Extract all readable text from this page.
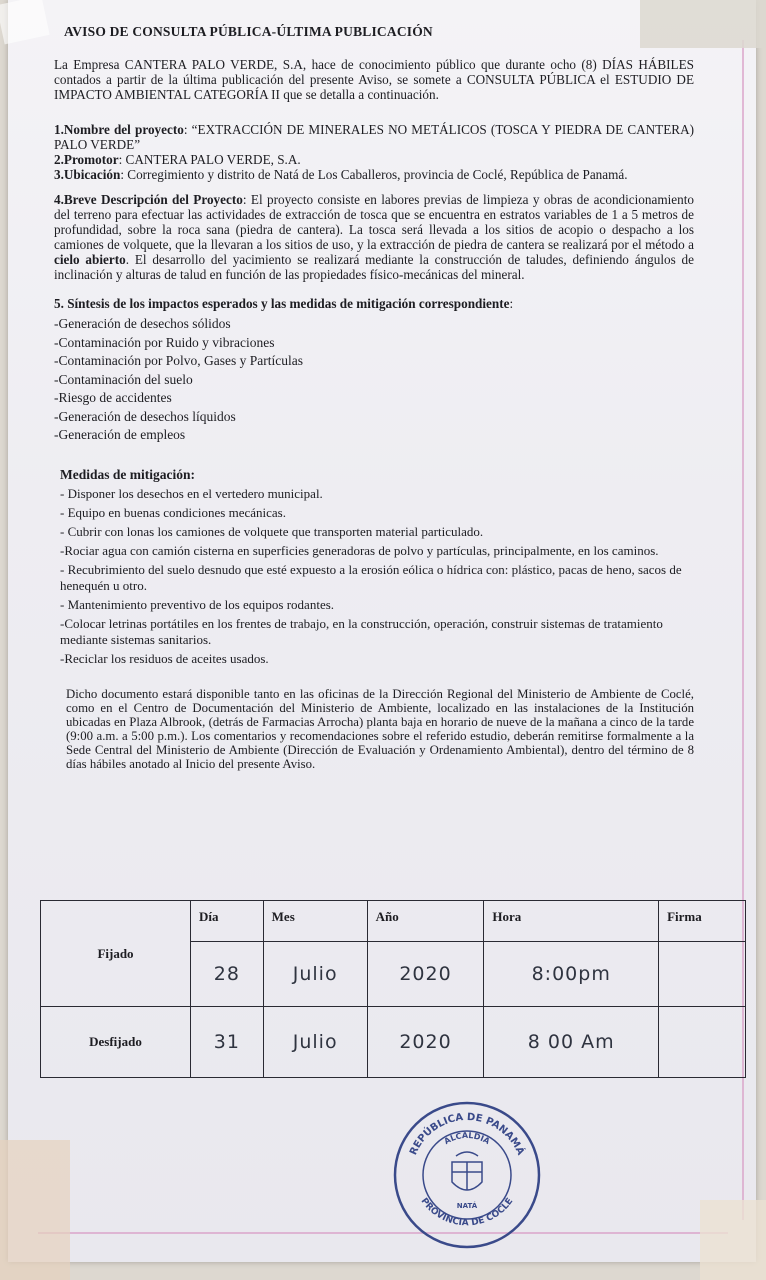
AVISO DE CONSULTA PÚBLICA-ÚLTIMA PUBLICACIÓN

La Empresa CANTERA PALO VERDE, S.A, hace de conocimiento público que durante ocho (8) DÍAS HÁBILES contados a partir de la última publicación del presente Aviso, se somete a CONSULTA PÚBLICA el ESTUDIO DE IMPACTO AMBIENTAL CATEGORÍA II que se detalla a continuación.

1.Nombre del proyecto: “EXTRACCIÓN DE MINERALES NO METÁLICOS (TOSCA Y PIEDRA DE CANTERA) PALO VERDE”

2.Promotor: CANTERA PALO VERDE, S.A.

3.Ubicación: Corregimiento y distrito de Natá de Los Caballeros, provincia de Coclé, República de Panamá.

4.Breve Descripción del Proyecto: El proyecto consiste en labores previas de limpieza y obras de acondicionamiento del terreno para efectuar las actividades de extracción de tosca que se encuentra en estratos variables de 1 a 5 metros de profundidad, sobre la roca sana (piedra de cantera). La tosca será llevada a los sitios de acopio o despacho a los camiones de volquete, que la llevaran a los sitios de uso, y la extracción de piedra de cantera se realizará por el método a cielo abierto. El desarrollo del yacimiento se realizará mediante la construcción de taludes, definiendo ángulos de inclinación y alturas de talud en función de las propiedades físico-mecánicas del mineral.

5. Síntesis de los impactos esperados y las medidas de mitigación correspondiente:
-Generación de desechos sólidos
-Contaminación por Ruido y vibraciones
-Contaminación por Polvo, Gases y Partículas
-Contaminación del suelo
-Riesgo de accidentes
-Generación de desechos líquidos
-Generación de empleos
Medidas de mitigación:
- Disponer los desechos en el vertedero municipal.
- Equipo en buenas condiciones mecánicas.
- Cubrir con lonas los camiones de volquete que transporten material particulado.
-Rociar agua con camión cisterna en superficies generadoras de polvo y partículas, principalmente, en los caminos.
- Recubrimiento del suelo desnudo que esté expuesto a la erosión eólica o hídrica con: plástico, pacas de heno, sacos de henequén u otro.
- Mantenimiento preventivo de los equipos rodantes.
-Colocar letrinas portátiles en los frentes de trabajo, en la construcción, operación, construir sistemas de tratamiento mediante sistemas sanitarios.
-Reciclar los residuos de aceites usados.

Dicho documento estará disponible tanto en las oficinas de la Dirección Regional del Ministerio de Ambiente de Coclé, como en el Centro de Documentación del Ministerio de Ambiente, localizado en las instalaciones de la Institución ubicadas en Plaza Albrook, (detrás de Farmacias Arrocha) planta baja en horario de nueve de la mañana a cinco de la tarde (9:00 a.m. a 5:00 p.m.). Los comentarios y recomendaciones sobre el referido estudio, deberán remitirse formalmente a la Sede Central del Ministerio de Ambiente (Dirección de Evaluación y Ordenamiento Ambiental), dentro del término de 8 días hábiles anotado al Inicio del presente Aviso.

Fijado	Día	Mes	Año	Hora	Firma
	28	Julio	2020	8:00pm	
Desfijado	31	Julio	2020	8 00 Am	
REPÚBLICA DE PANAMÁ
ALCALDÍA
PROVINCIA DE COCLÉ
NATÁ
